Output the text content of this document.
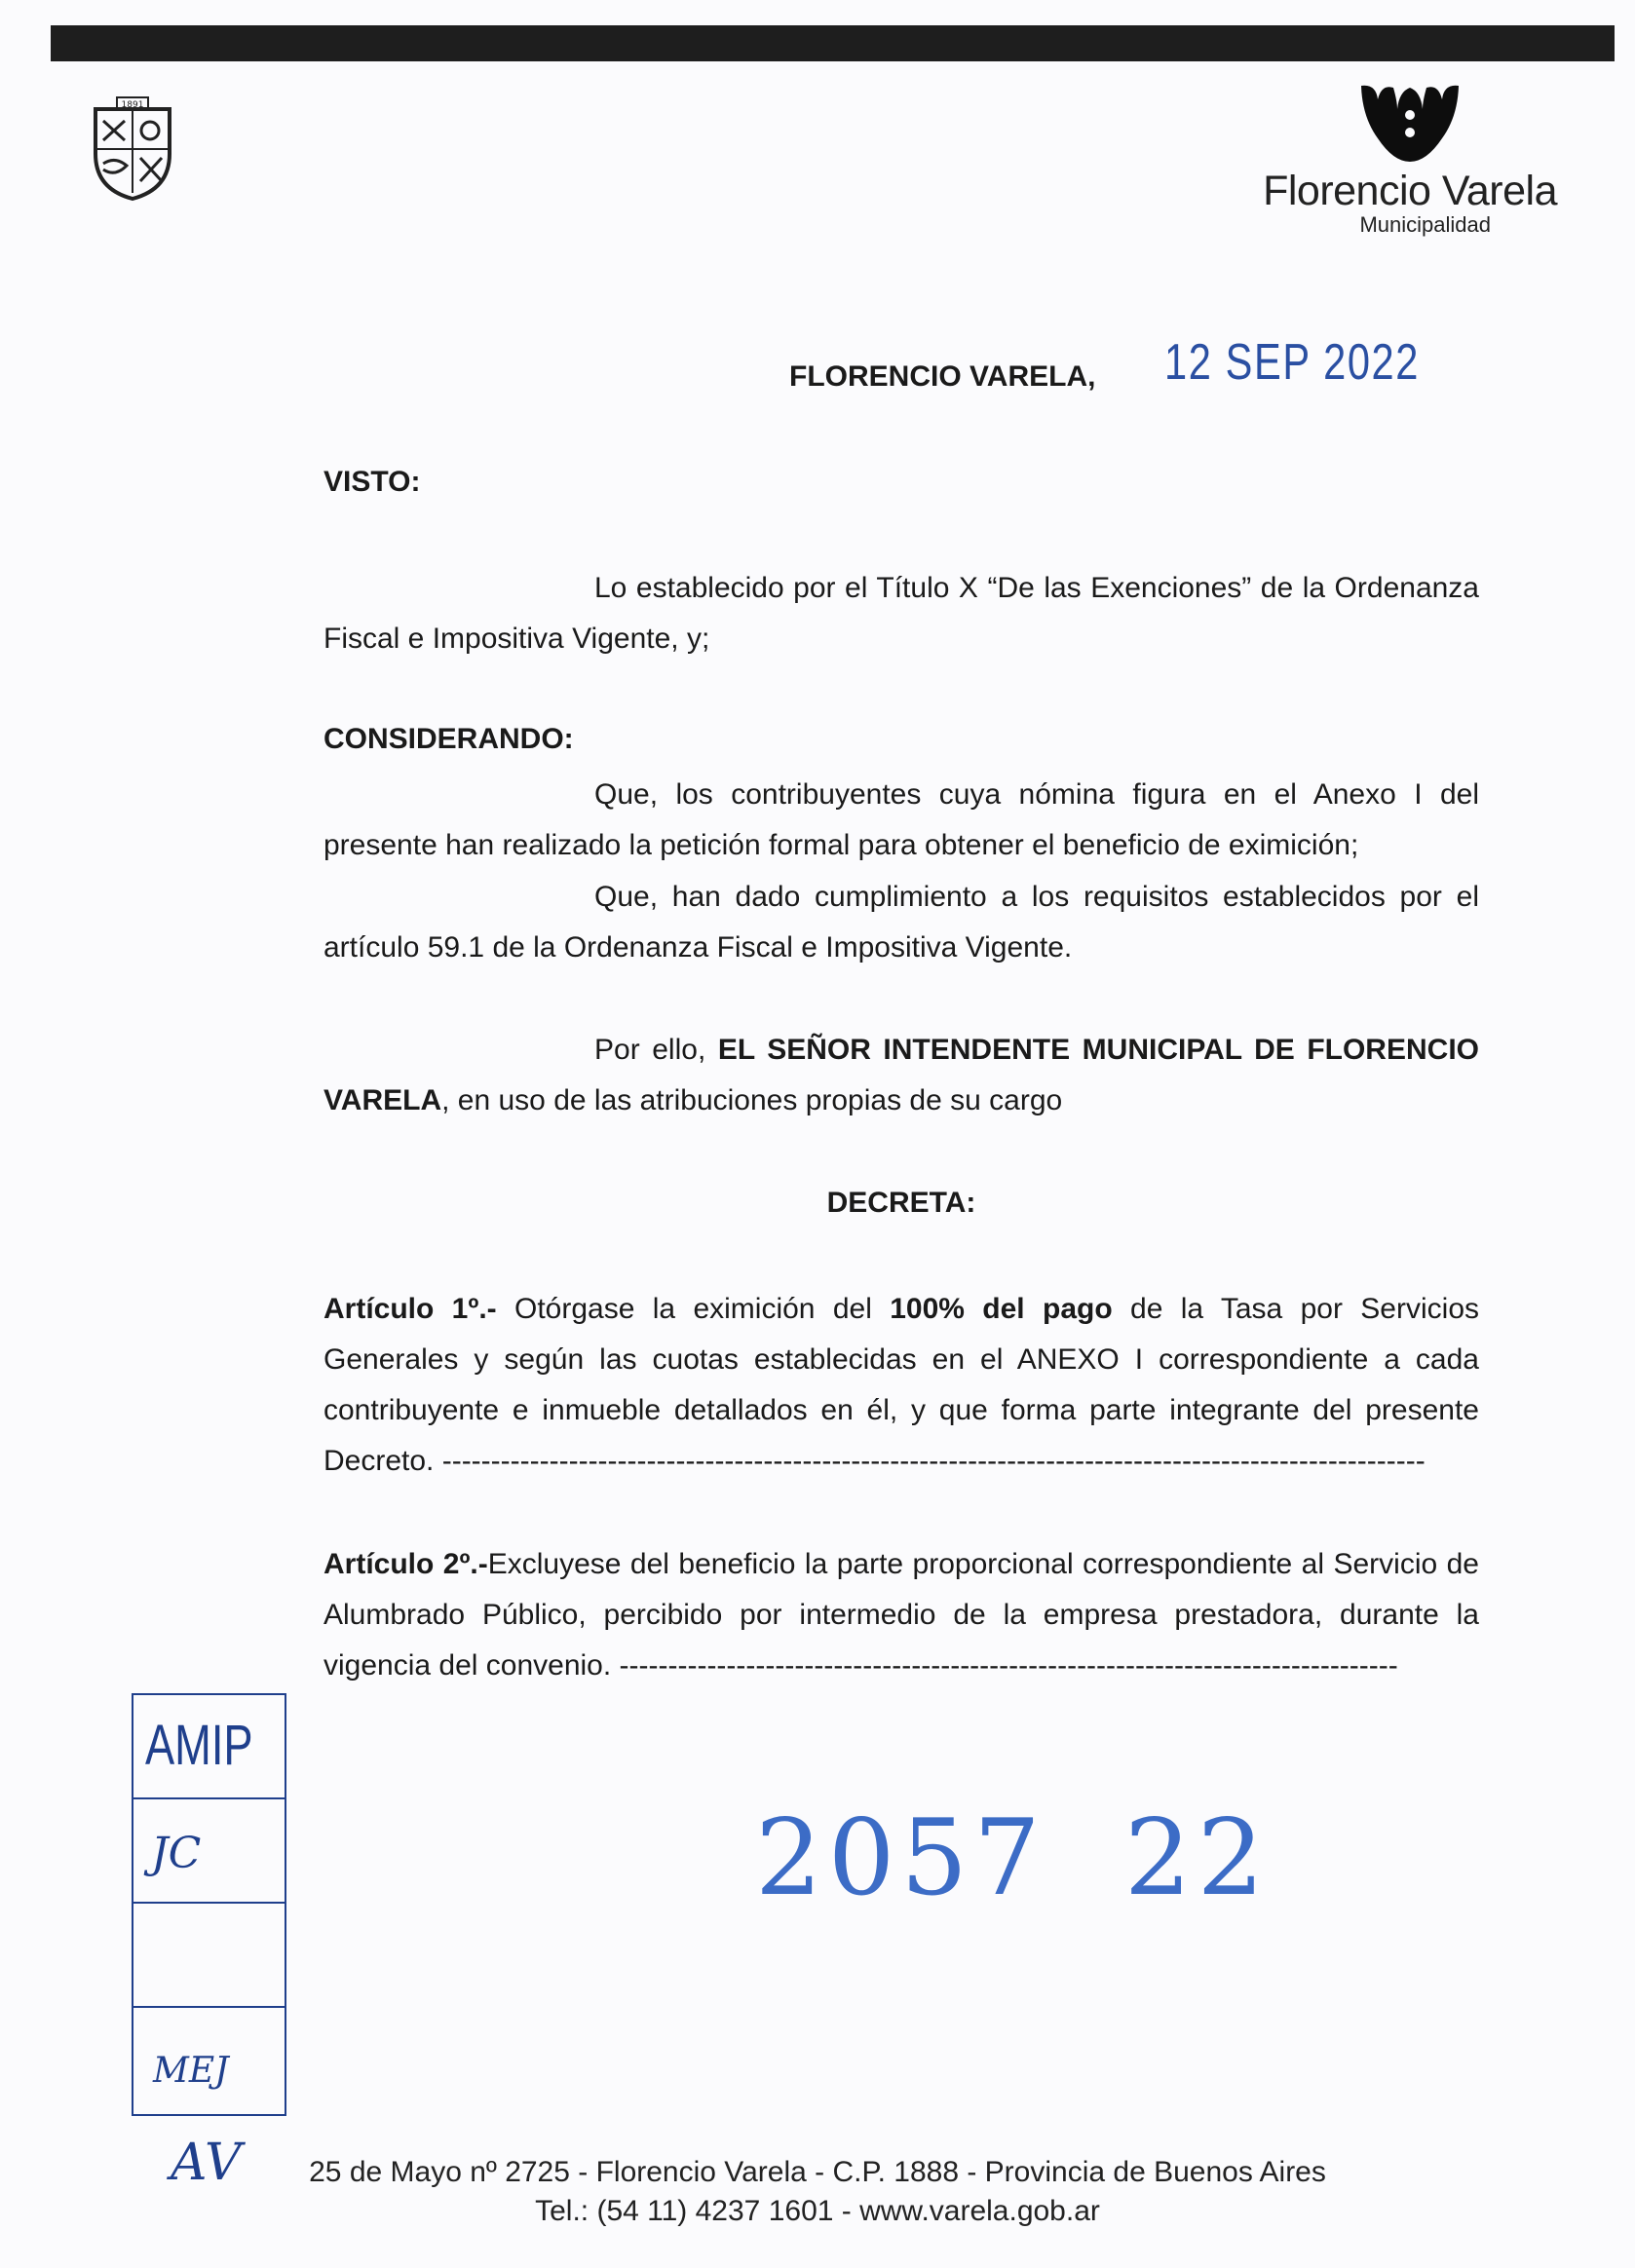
1891
Florencio Varela
Municipalidad
FLORENCIO VARELA, 12 SEP 2022
VISTO:
Lo establecido por el Título X “De las Exenciones” de la Ordenanza Fiscal e Impositiva Vigente, y;
CONSIDERANDO:
Que, los contribuyentes cuya nómina figura en el Anexo I del presente han realizado la petición formal para obtener el beneficio de eximición;
Que, han dado cumplimiento a los requisitos establecidos por el artículo 59.1 de la Ordenanza Fiscal e Impositiva Vigente.
Por ello, EL SEÑOR INTENDENTE MUNICIPAL DE FLORENCIO VARELA, en uso de las atribuciones propias de su cargo
DECRETA:
Artículo 1º.- Otórgase la eximición del 100% del pago de la Tasa por Servicios Generales y según las cuotas establecidas en el ANEXO I correspondiente a cada contribuyente e inmueble detallados en él, y que forma parte integrante del presente Decreto. -----------------------------------------------------------------------------------------------------
Artículo 2º.-Excluyese del beneficio la parte proporcional correspondiente al Servicio de Alumbrado Público, percibido por intermedio de la empresa prestadora, durante la vigencia del convenio. --------------------------------------------------------------------------------
AMIP
JC
MEJ
AV
2057 22
25 de Mayo nº 2725 - Florencio Varela - C.P. 1888 - Provincia de Buenos Aires
Tel.: (54 11) 4237 1601 - www.varela.gob.ar
